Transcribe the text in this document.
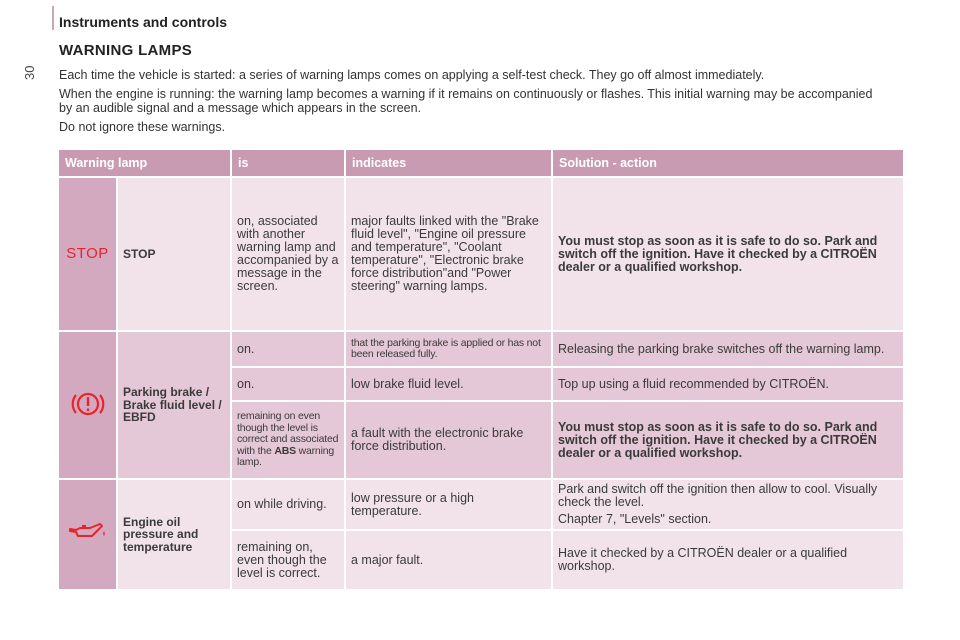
Instruments and controls
30
WARNING LAMPS

Each time the vehicle is started: a series of warning lamps comes on applying a self-test check. They go off almost immediately.

When the engine is running: the warning lamp becomes a warning if it remains on continuously or flashes. This initial warning may be accompanied by an audible signal and a message which appears in the screen.

Do not ignore these warnings.

Warning lamp		is	indicates	Solution - action
STOP	STOP	on, associated with another warning lamp and accompanied by a message in the screen.	major faults linked with the "Brake fluid level", "Engine oil pressure and temperature", "Coolant temperature", "Electronic brake force distribution"and "Power steering" warning lamps.	You must stop as soon as it is safe to do so. Park and switch off the ignition. Have it checked by a CITROËN dealer or a qualified workshop.
	Parking brake / Brake fluid level / EBFD	on.	that the parking brake is applied or has not been released fully.	Releasing the parking brake switches off the warning lamp.
		on.	low brake fluid level.	Top up using a fluid recommended by CITROËN.
		remaining on even though the level is correct and associated with the ABS warning lamp.	a fault with the electronic brake force distribution.	You must stop as soon as it is safe to do so. Park and switch off the ignition. Have it checked by a CITROËN dealer or a qualified workshop.
	Engine oil pressure and temperature	on while driving.	low pressure or a high temperature.	Park and switch off the ignition then allow to cool. Visually check the level.

Chapter 7, "Levels" section.

		remaining on, even though the level is correct.	a major fault.	Have it checked by a CITROËN dealer or a qualified workshop.
